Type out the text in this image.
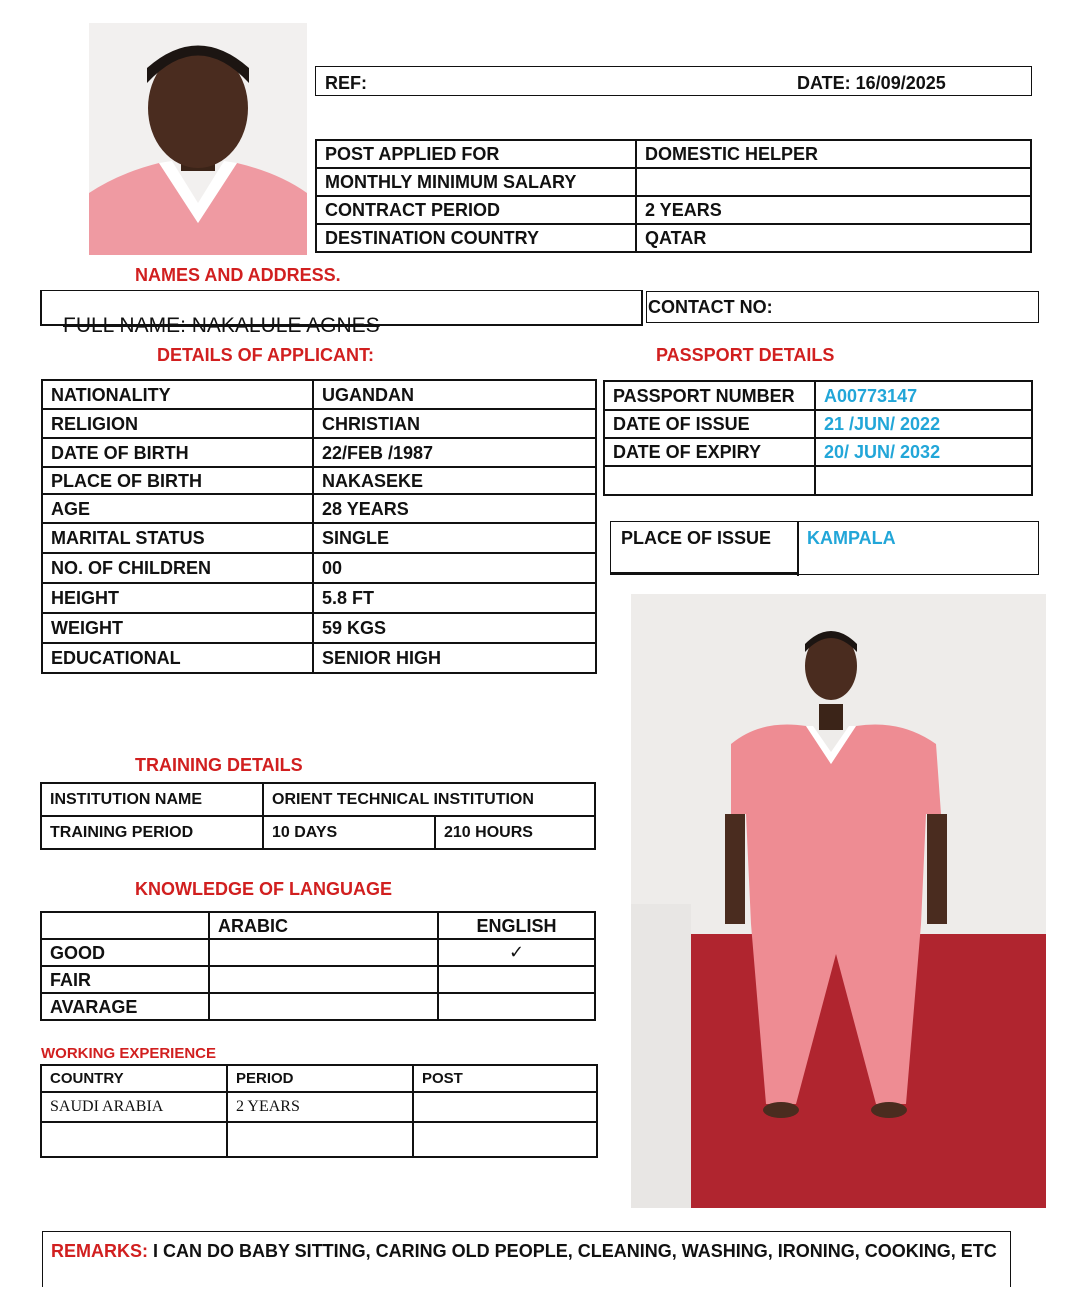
REF:	DATE: 16/09/2025
POST APPLIED FOR	DOMESTIC HELPER
MONTHLY MINIMUM SALARY	
CONTRACT PERIOD	2 YEARS
DESTINATION COUNTRY	QATAR
NAMES AND ADDRESS.
FULL NAME: NAKALULE AGNES
CONTACT NO:
DETAILS OF APPLICANT:	PASSPORT DETAILS
NATIONALITY	UGANDAN
RELIGION	CHRISTIAN
DATE OF BIRTH	22/FEB /1987
PLACE OF BIRTH	NAKASEKE
AGE	28 YEARS
MARITAL STATUS	SINGLE
NO. OF CHILDREN	00
HEIGHT	5.8 FT
WEIGHT	59 KGS
EDUCATIONAL	SENIOR HIGH
PASSPORT NUMBER	A00773147
DATE OF ISSUE	21 /JUN/ 2022
DATE OF EXPIRY	20/ JUN/ 2032

PLACE OF ISSUE KAMPALA
TRAINING DETAILS
INSTITUTION NAME	ORIENT TECHNICAL INSTITUTION	
TRAINING PERIOD	10 DAYS	210 HOURS
KNOWLEDGE OF LANGUAGE
	ARABIC	ENGLISH
GOOD		✓
FAIR		
AVARAGE		
WORKING EXPERIENCE
COUNTRY	PERIOD	POST
SAUDI ARABIA	2 YEARS	

REMARKS: I CAN DO BABY SITTING, CARING OLD PEOPLE, CLEANING, WASHING, IRONING, COOKING, ETC
